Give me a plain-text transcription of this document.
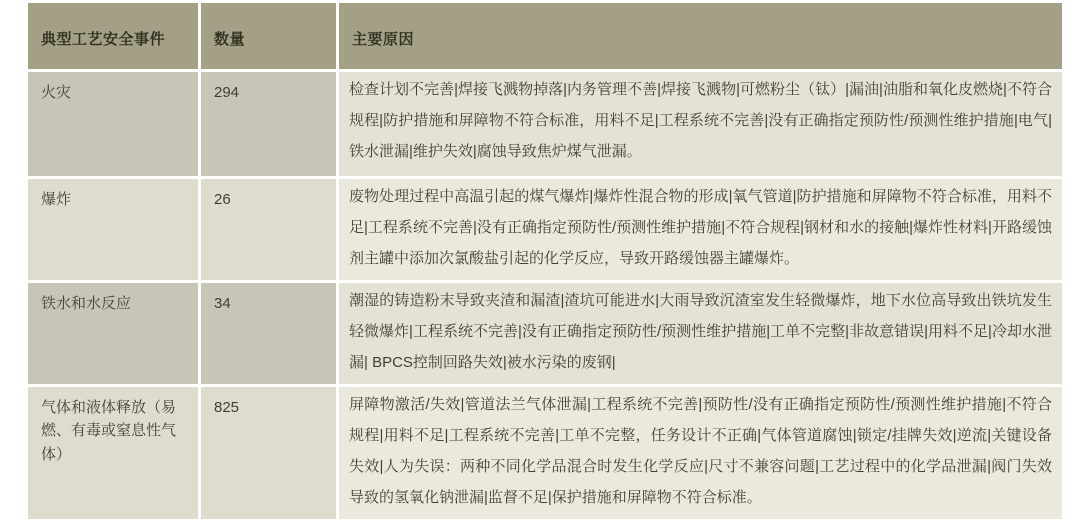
典型工艺安全事件	数量	主要原因
火灾	294	检查计划不完善|焊接飞溅物掉落|内务管理不善|焊接飞溅物|可燃粉尘（钛）|漏油|油脂和氧化皮燃烧|不符合规程|防护措施和屏障物不符合标准，用料不足|工程系统不完善|没有正确指定预防性/预测性维护措施|电气|铁水泄漏|维护失效|腐蚀导致焦炉煤气泄漏。
爆炸	26	废物处理过程中高温引起的煤气爆炸|爆炸性混合物的形成|氧气管道|防护措施和屏障物不符合标准，用料不足|工程系统不完善|没有正确指定预防性/预测性维护措施|不符合规程|钢材和水的接触|爆炸性材料|开路缓蚀剂主罐中添加次氯酸盐引起的化学反应，导致开路缓蚀器主罐爆炸。
铁水和水反应	34	潮湿的铸造粉末导致夹渣和漏渣|渣坑可能进水|大雨导致沉渣室发生轻微爆炸，地下水位高导致出铁坑发生轻微爆炸|工程系统不完善|没有正确指定预防性/预测性维护措施|工单不完整|非故意错误|用料不足|冷却水泄漏| BPCS控制回路失效|被水污染的废钢|
气体和液体释放（易燃、有毒或窒息性气体）	825	屏障物激活/失效|管道法兰气体泄漏|工程系统不完善|预防性/没有正确指定预防性/预测性维护措施|不符合规程|用料不足|工程系统不完善|工单不完整，任务设计不正确|气体管道腐蚀|锁定/挂牌失效|逆流|关键设备失效|人为失误：两种不同化学品混合时发生化学反应|尺寸不兼容问题|工艺过程中的化学品泄漏|阀门失效导致的氢氧化钠泄漏|监督不足|保护措施和屏障物不符合标准。
